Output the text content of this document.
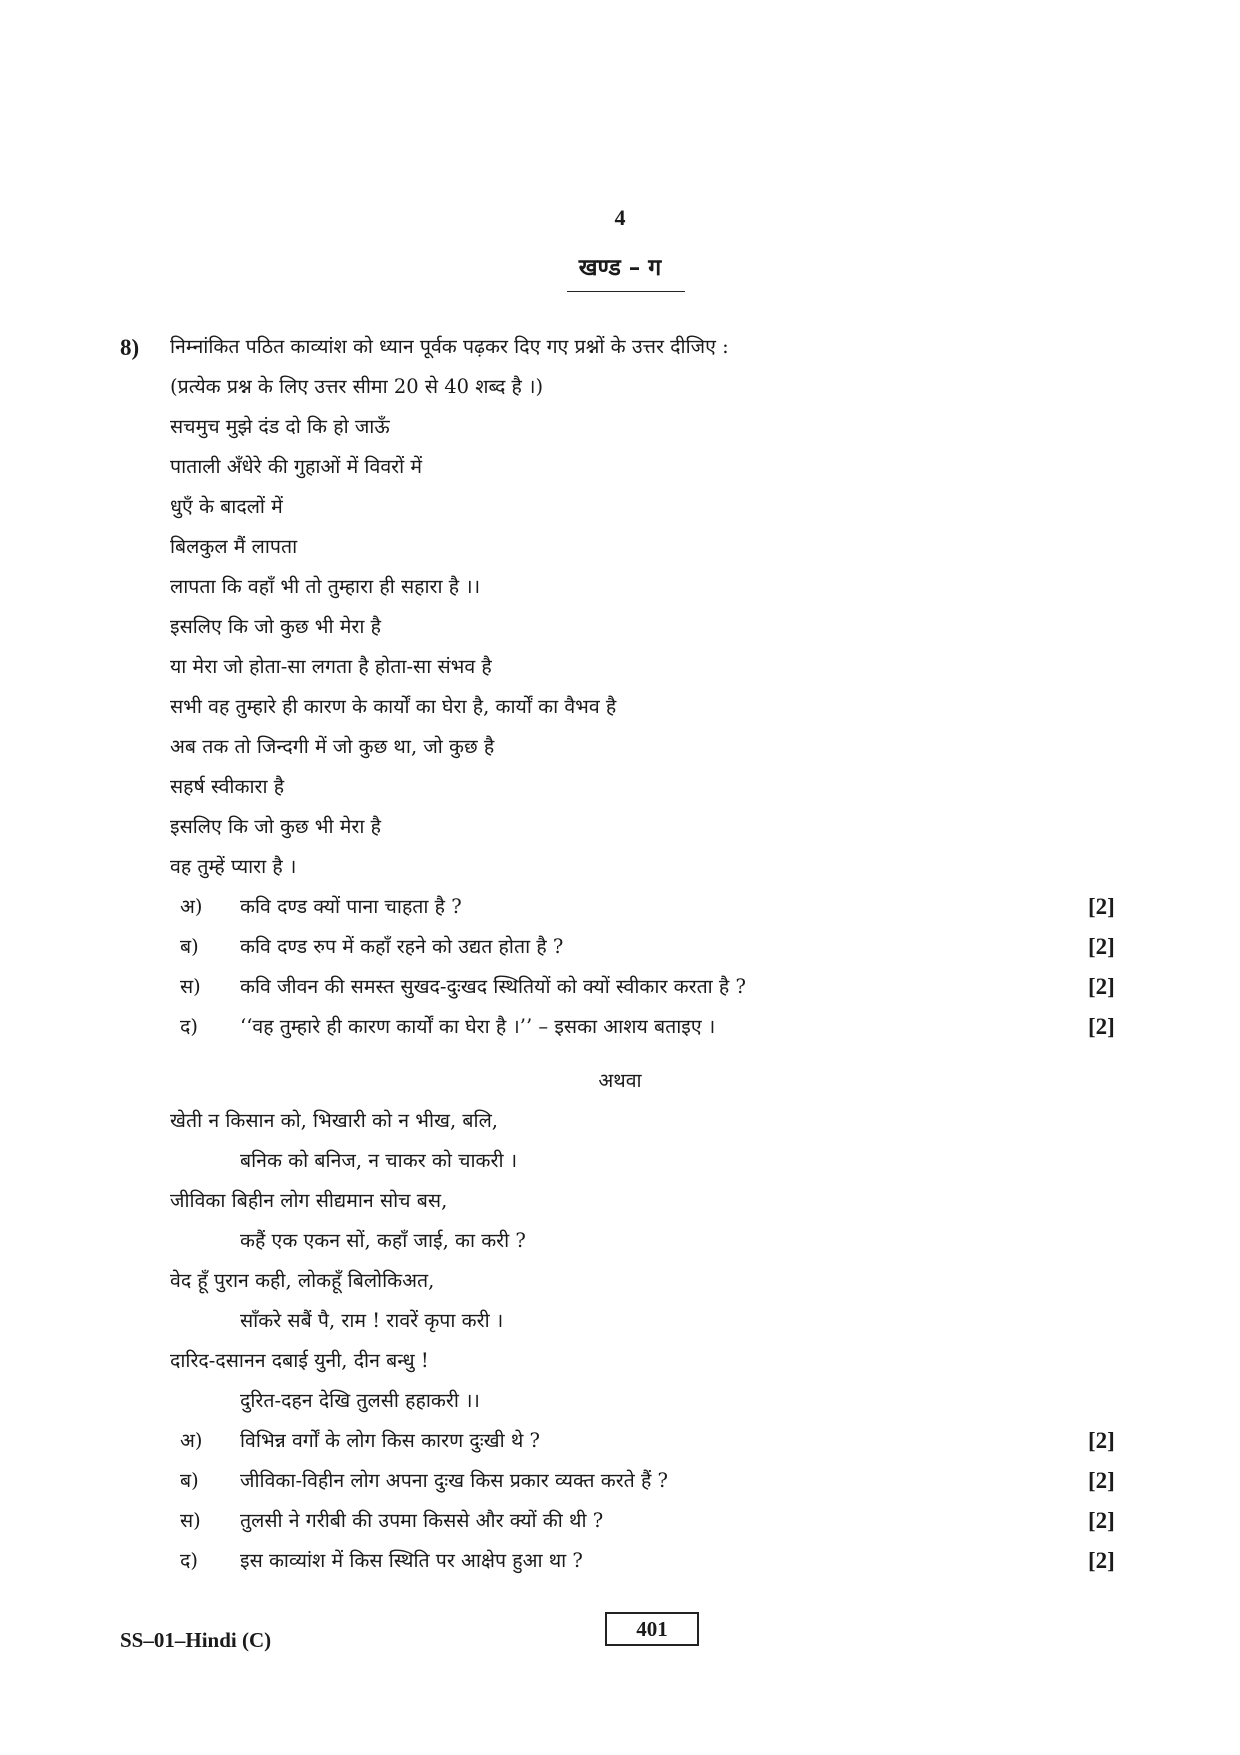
4
खण्ड – ग
8) निम्नांकित पठित काव्यांश को ध्यान पूर्वक पढ़कर दिए गए प्रश्नों के उत्तर दीजिए :
(प्रत्येक प्रश्न के लिए उत्तर सीमा 20 से 40 शब्द है ।)
सचमुच मुझे दंड दो कि हो जाऊँ
पाताली अँधेरे की गुहाओं में विवरों में
धुएँ के बादलों में
बिलकुल मैं लापता
लापता कि वहाँ भी तो तुम्हारा ही सहारा है ।।
इसलिए कि जो कुछ भी मेरा है
या मेरा जो होता-सा लगता है होता-सा संभव है
सभी वह तुम्हारे ही कारण के कार्यों का घेरा है, कार्यों का वैभव है
अब तक तो जिन्दगी में जो कुछ था, जो कुछ है
सहर्ष स्वीकारा है
इसलिए कि जो कुछ भी मेरा है
वह तुम्हें प्यारा है ।
अ) कवि दण्ड क्यों पाना चाहता है ?	[2]
ब) कवि दण्ड रुप में कहाँ रहने को उद्यत होता है ?	[2]
स) कवि जीवन की समस्त सुखद-दुःखद स्थितियों को क्यों स्वीकार करता है ?	[2]
द) ‘‘वह तुम्हारे ही कारण कार्यों का घेरा है ।’’ – इसका आशय बताइए ।	[2]
अथवा
खेती न किसान को, भिखारी को न भीख, बलि,
बनिक को बनिज, न चाकर को चाकरी ।
जीविका बिहीन लोग सीद्यमान सोच बस,
कहैं एक एकन सों, कहाँ जाई, का करी ?
वेद हूँ पुरान कही, लोकहूँ बिलोकिअत,
साँकरे सबैं पै, राम ! रावरें कृपा करी ।
दारिद-दसानन दबाई युनी, दीन बन्धु !
दुरित-दहन देखि तुलसी हहाकरी ।।
अ) विभिन्न वर्गों के लोग किस कारण दुःखी थे ?	[2]
ब) जीविका-विहीन लोग अपना दुःख किस प्रकार व्यक्त करते हैं ?	[2]
स) तुलसी ने गरीबी की उपमा किससे और क्यों की थी ?	[2]
द) इस काव्यांश में किस स्थिति पर आक्षेप हुआ था ?	[2]
SS–01–Hindi (C)	401
